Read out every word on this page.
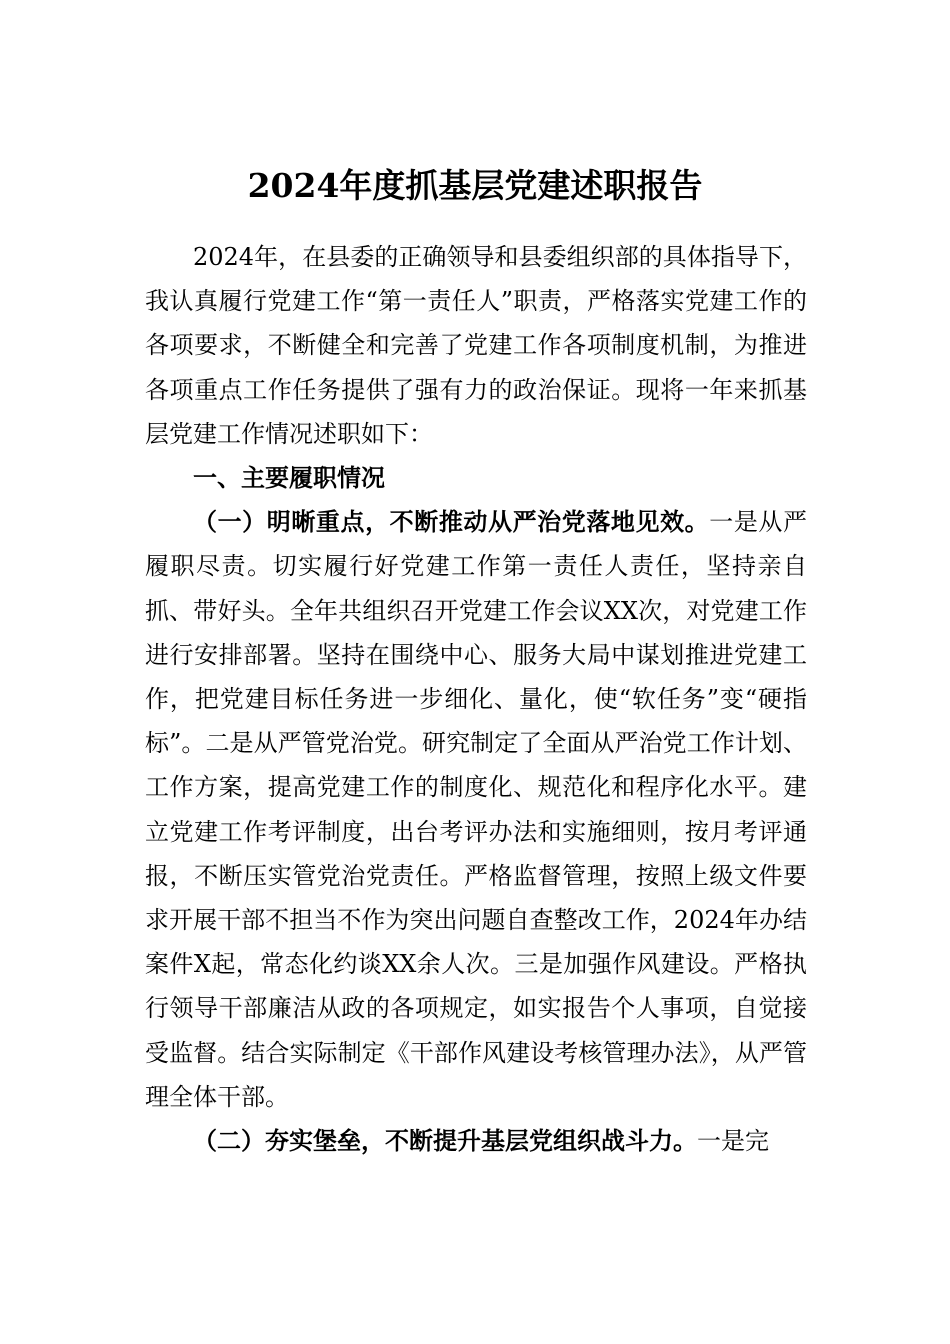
2024年度抓基层党建述职报告

2024年，在县委的正确领导和县委组织部的具体指导下，我认真履行党建工作“第一责任人”职责，严格落实党建工作的各项要求，不断健全和完善了党建工作各项制度机制，为推进各项重点工作任务提供了强有力的政治保证。现将一年来抓基层党建工作情况述职如下：

一、主要履职情况

（一）明晰重点，不断推动从严治党落地见效。一是从严履职尽责。切实履行好党建工作第一责任人责任，坚持亲自抓、带好头。全年共组织召开党建工作会议XX次，对党建工作进行安排部署。坚持在围绕中心、服务大局中谋划推进党建工作，把党建目标任务进一步细化、量化，使“软任务”变“硬指标”。二是从严管党治党。研究制定了全面从严治党工作计划、工作方案，提高党建工作的制度化、规范化和程序化水平。建立党建工作考评制度，出台考评办法和实施细则，按月考评通报，不断压实管党治党责任。严格监督管理，按照上级文件要求开展干部不担当不作为突出问题自查整改工作，2024年办结案件X起，常态化约谈XX余人次。三是加强作风建设。严格执行领导干部廉洁从政的各项规定，如实报告个人事项，自觉接受监督。结合实际制定《干部作风建设考核管理办法》，从严管理全体干部。

（二）夯实堡垒，不断提升基层党组织战斗力。一是完
